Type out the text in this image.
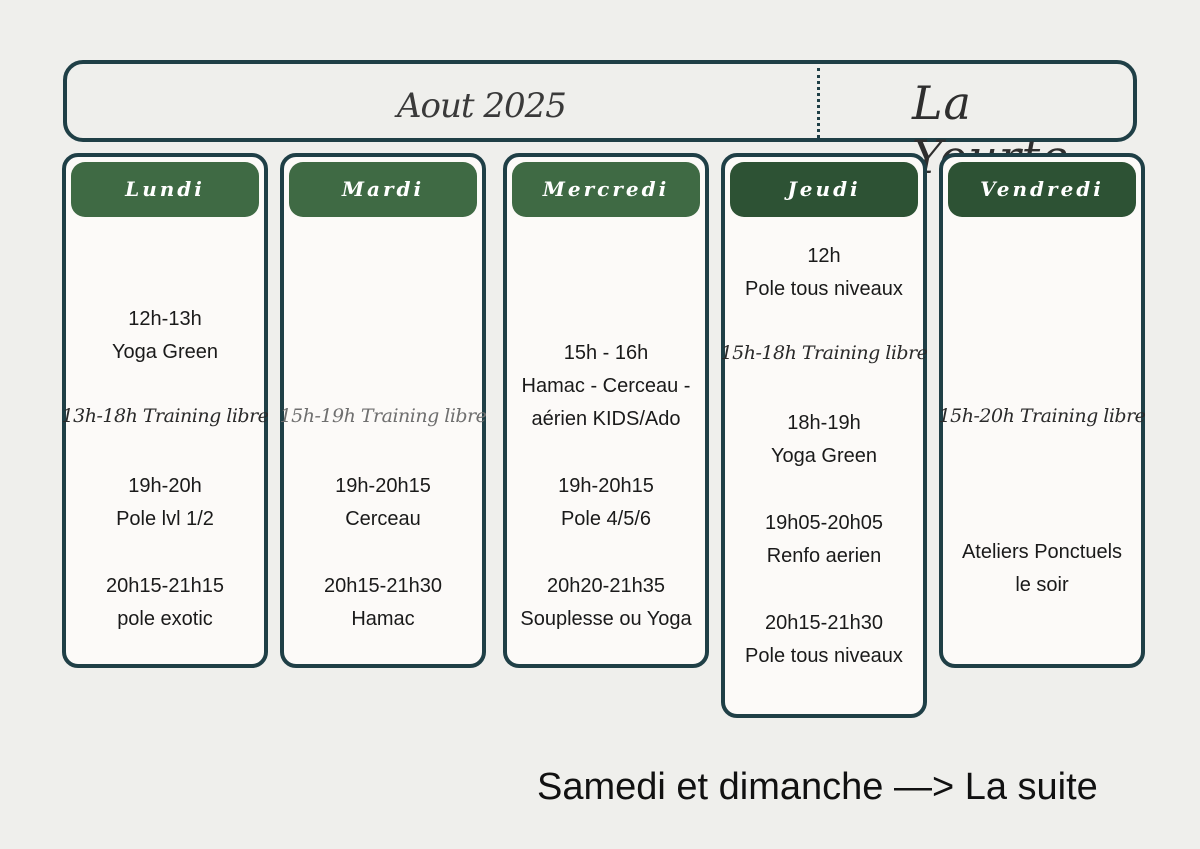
Aout 2025	La
Lundi
12h-13h
Yoga Green
13h-18h Training libre
19h-20h
Pole lvl 1/2
20h15-21h15
pole exotic
Mardi
15h-19h Training libre
19h-20h15
Cerceau
20h15-21h30
Hamac
Mercredi
15h - 16h
Hamac - Cerceau -
aérien KIDS/Ado
19h-20h15
Pole 4/5/6
20h20-21h35
Souplesse ou Yoga
Jeudi
12h
Pole tous niveaux
15h-18h Training libre
18h-19h
Yoga Green
19h05-20h05
Renfo aerien
20h15-21h30
Pole tous niveaux
Vendredi
15h-20h Training libre
Ateliers Ponctuels
le soir
Samedi et dimanche —> La suite
